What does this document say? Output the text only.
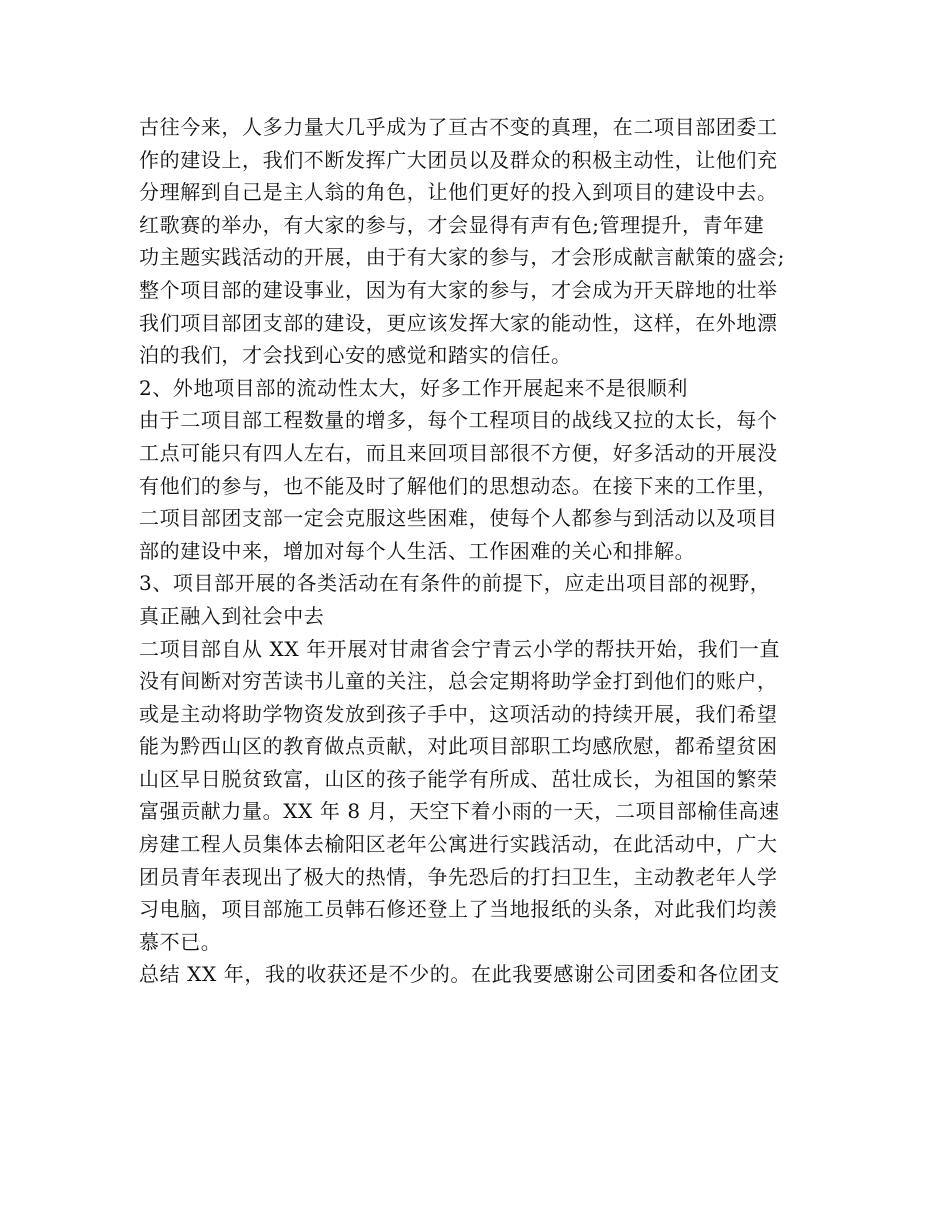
古往今来，人多力量大几乎成为了亘古不变的真理，在二项目部团委工
作的建设上，我们不断发挥广大团员以及群众的积极主动性，让他们充
分理解到自己是主人翁的角色，让他们更好的投入到项目的建设中去。
红歌赛的举办，有大家的参与，才会显得有声有色;管理提升，青年建
功主题实践活动的开展，由于有大家的参与，才会形成献言献策的盛会;
整个项目部的建设事业，因为有大家的参与，才会成为开天辟地的壮举
我们项目部团支部的建设，更应该发挥大家的能动性，这样，在外地漂
泊的我们，才会找到心安的感觉和踏实的信任。
2、外地项目部的流动性太大，好多工作开展起来不是很顺利
由于二项目部工程数量的增多，每个工程项目的战线又拉的太长，每个
工点可能只有四人左右，而且来回项目部很不方便，好多活动的开展没
有他们的参与，也不能及时了解他们的思想动态。在接下来的工作里，
二项目部团支部一定会克服这些困难，使每个人都参与到活动以及项目
部的建设中来，增加对每个人生活、工作困难的关心和排解。
3、项目部开展的各类活动在有条件的前提下，应走出项目部的视野，
真正融入到社会中去
二项目部自从 XX 年开展对甘肃省会宁青云小学的帮扶开始，我们一直
没有间断对穷苦读书儿童的关注，总会定期将助学金打到他们的账户，
或是主动将助学物资发放到孩子手中，这项活动的持续开展，我们希望
能为黔西山区的教育做点贡献，对此项目部职工均感欣慰，都希望贫困
山区早日脱贫致富，山区的孩子能学有所成、茁壮成长，为祖国的繁荣
富强贡献力量。XX 年 8 月，天空下着小雨的一天，二项目部榆佳高速
房建工程人员集体去榆阳区老年公寓进行实践活动，在此活动中，广大
团员青年表现出了极大的热情，争先恐后的打扫卫生，主动教老年人学
习电脑，项目部施工员韩石修还登上了当地报纸的头条，对此我们均羡
慕不已。
总结 XX 年，我的收获还是不少的。在此我要感谢公司团委和各位团支
